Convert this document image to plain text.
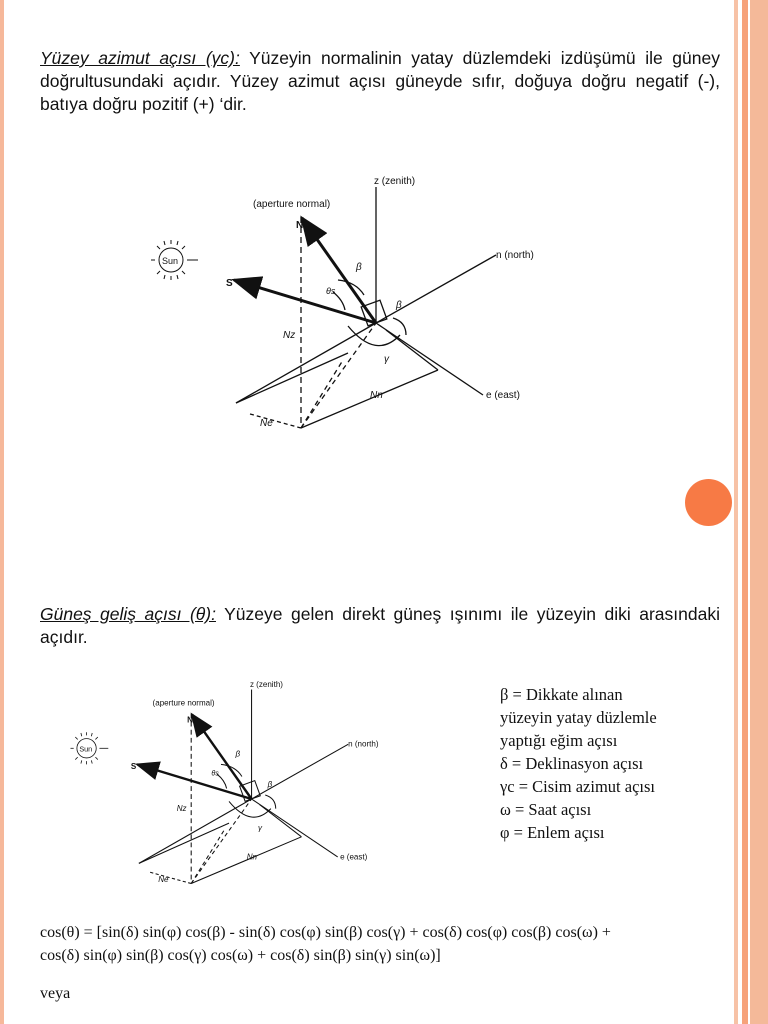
Yüzey azimut açısı (γc): Yüzeyin normalinin yatay düzlemdeki izdüşümü ile güney doğrultusundaki açıdır. Yüzey azimut açısı güneyde sıfır, doğuya doğru negatif (-), batıya doğru pozitif (+) ‘dir.

z (zenith)
(aperture normal)
N
S
n (north)
e (east)
β
β
θs
γ
Nz
Ne
Nn
Sun

Güneş geliş açısı (θ): Yüzeye gelen direkt güneş ışınımı ile yüzeyin diki arasındaki açıdır.

z (zenith)
(aperture normal)
N
S
n (north)
e (east)
β
β
θs
γ
Nz
Ne
Nn
Sun
β = Dikkate alınan
yüzeyin yatay düzlemle
yaptığı eğim açısı
δ = Deklinasyon açısı
γc = Cisim azimut açısı
ω = Saat açısı
φ = Enlem açısı
cos(θ) = [sin(δ) sin(φ) cos(β) - sin(δ) cos(φ) sin(β) cos(γ) + cos(δ) cos(φ) cos(β) cos(ω) +
cos(δ) sin(φ) sin(β) cos(γ) cos(ω) + cos(δ) sin(β) sin(γ) sin(ω)]
veya
